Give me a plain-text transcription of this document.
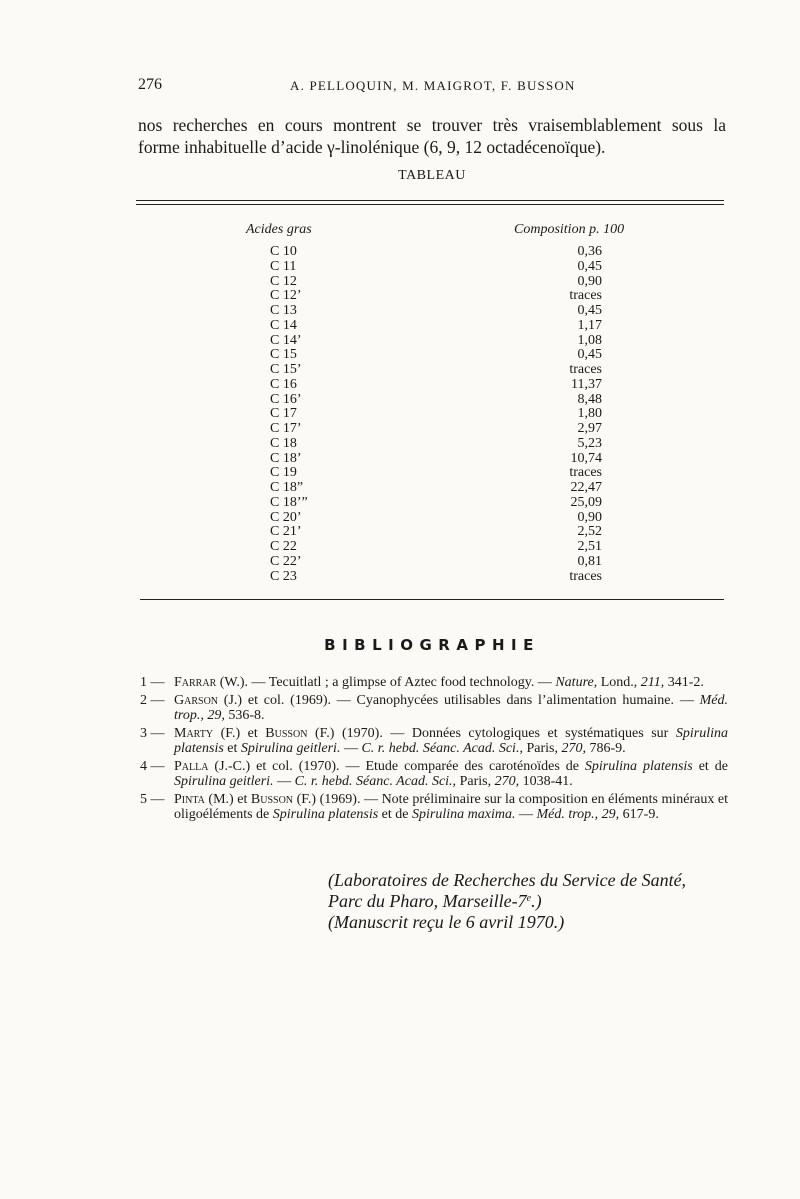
276	A. PELLOQUIN, M. MAIGROT, F. BUSSON
nos recherches en cours montrent se trouver très vraisemblablement sous la
forme inhabituelle d’acide γ-linolénique (6, 9, 12 octadécenoïque).
TABLEAU
Acides gras	Composition p. 100
C 10	0,36
C 11	0,45
C 12	0,90
C 12’	traces
C 13	0,45
C 14	1,17
C 14’	1,08
C 15	0,45
C 15’	traces
C 16	11,37
C 16’	8,48
C 17	1,80
C 17’	2,97
C 18	5,23
C 18’	10,74
C 19	traces
C 18”	22,47
C 18’”	25,09
C 20’	0,90
C 21’	2,52
C 22	2,51
C 22’	0,81
C 23	traces
BIBLIOGRAPHIE
1 — Farrar (W.). — Tecuitlatl ; a glimpse of Aztec food technology. — Nature, Lond., 211, 341-2.
2 — Garson (J.) et col. (1969). — Cyanophycées utilisables dans l’alimentation humaine. — Méd. trop., 29, 536-8.
3 — Marty (F.) et Busson (F.) (1970). — Données cytologiques et systématiques sur Spirulina platensis et Spirulina geitleri. — C. r. hebd. Séanc. Acad. Sci., Paris, 270, 786-9.
4 — Palla (J.-C.) et col. (1970). — Etude comparée des caroténoïdes de Spirulina platensis et de Spirulina geitleri. — C. r. hebd. Séanc. Acad. Sci., Paris, 270, 1038-41.
5 — Pinta (M.) et Busson (F.) (1969). — Note préliminaire sur la composition en éléments minéraux et oligoéléments de Spirulina platensis et de Spirulina maxima. — Méd. trop., 29, 617-9.
(Laboratoires de Recherches du Service de Santé,
Parc du Pharo, Marseille-7e.)
(Manuscrit reçu le 6 avril 1970.)
